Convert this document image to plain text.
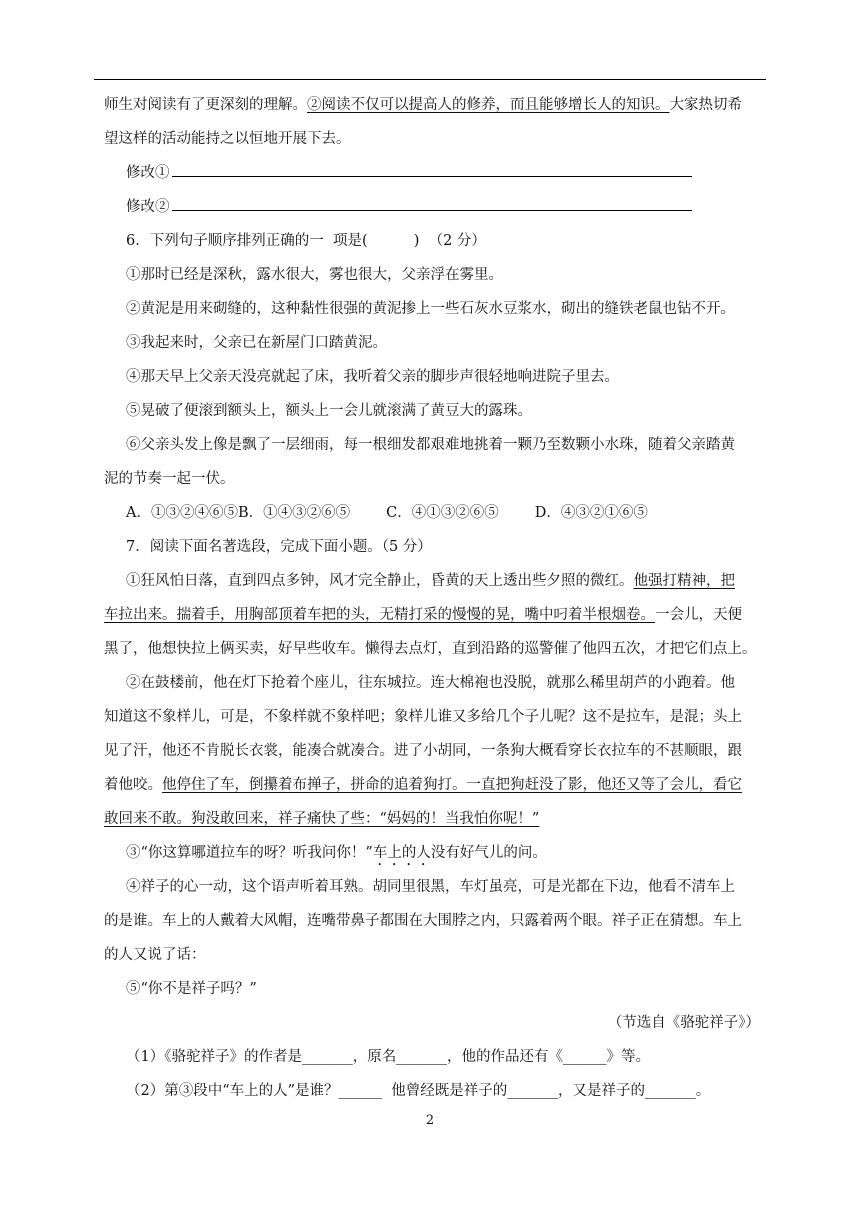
师生对阅读有了更深刻的理解。②阅读不仅可以提高人的修养，而且能够增长人的知识。大家热切希

望这样的活动能持之以恒地开展下去。

修改①

修改②

6．下列句子顺序排列正确的一  项是(          )  （2 分）

①那时已经是深秋，露水很大，雾也很大，父亲浮在雾里。

②黄泥是用来砌缝的，这种黏性很强的黄泥掺上一些石灰水豆浆水，砌出的缝铁老鼠也钻不开。

③我起来时，父亲已在新屋门口踏黄泥。

④那天早上父亲天没亮就起了床，我听着父亲的脚步声很轻地响进院子里去。

⑤晃破了便滚到额头上，额头上一会儿就滚满了黄豆大的露珠。

⑥父亲头发上像是飘了一层细雨，每一根细发都艰难地挑着一颗乃至数颗小水珠，随着父亲踏黄

泥的节奏一起一伏。

A．①③②④⑥⑤B．①④③②⑥⑤ C．④①③②⑥⑤ D．④③②①⑥⑤

7．阅读下面名著选段，完成下面小题。（5 分）

①狂风怕日落，直到四点多钟，风才完全静止，昏黄的天上透出些夕照的微红。他强打精神，把

车拉出来。揣着手，用胸部顶着车把的头，无精打采的慢慢的晃，嘴中叼着半根烟卷。一会儿，天便

黑了，他想快拉上俩买卖，好早些收车。懒得去点灯，直到沿路的巡警催了他四五次，才把它们点上。

②在鼓楼前，他在灯下抢着个座儿，往东城拉。连大棉袍也没脱，就那么稀里胡芦的小跑着。他

知道这不象样儿，可是，不象样就不象样吧；象样儿谁又多给几个子儿呢？这不是拉车，是混；头上

见了汗，他还不肯脱长衣裳，能凑合就凑合。进了小胡同，一条狗大概看穿长衣拉车的不甚顺眼，跟

着他咬。他停住了车，倒攥着布掸子，拼命的追着狗打。一直把狗赶没了影，他还又等了会儿，看它

敢回来不敢。狗没敢回来，祥子痛快了些：“妈妈的！当我怕你呢！”

③“你这算哪道拉车的呀？听我问你！”车上的人没有好气儿的问。

④祥子的心一动，这个语声听着耳熟。胡同里很黑，车灯虽亮，可是光都在下边，他看不清车上

的是谁。车上的人戴着大风帽，连嘴带鼻子都围在大围脖之内，只露着两个眼。祥子正在猜想。车上

的人又说了话：

⑤“你不是祥子吗？”

（节选自《骆驼祥子》）

（1）《骆驼祥子》的作者是_______，原名_______，他的作品还有《______》等。

（2）第③段中“车上的人”是谁？______  他曾经既是祥子的_______，又是祥子的_______。

2
